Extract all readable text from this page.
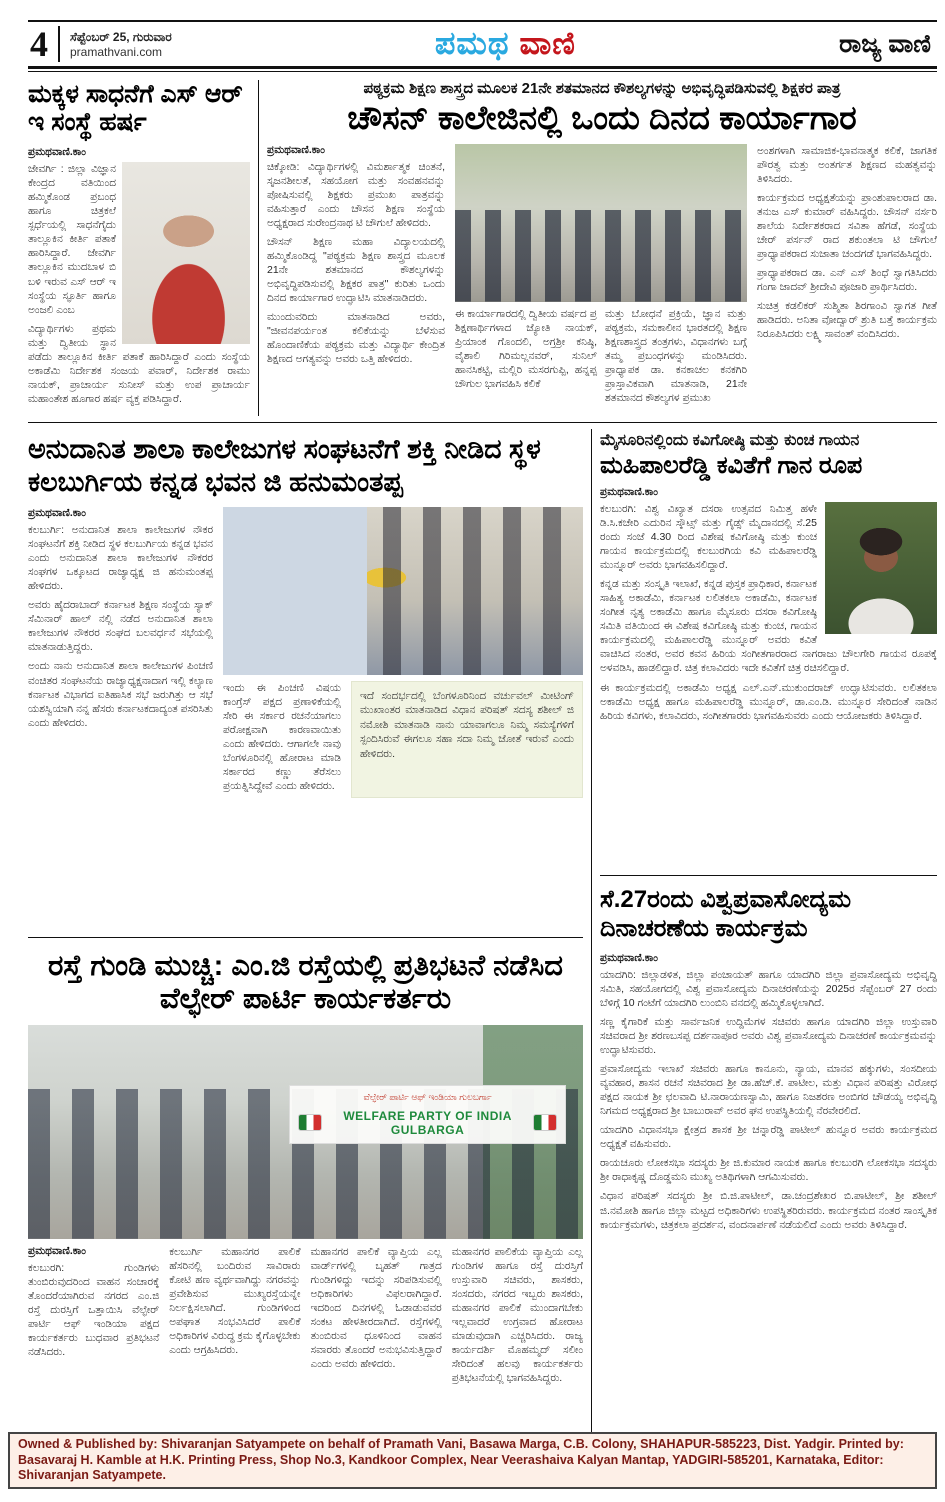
4	ಸೆಪ್ಟೆಂಬರ್ 25, ಗುರುವಾರ
pramathvani.com	ಪಮಥ ವಾಣಿ	ರಾಜ್ಯ ವಾಣಿ
ಮಕ್ಕಳ ಸಾಧನೆಗೆ ಎಸ್ ಆರ್ ಇ ಸಂಸ್ಥೆ ಹರ್ಷ
ಪ್ರಮಥವಾಣಿ.ಕಾಂ

ಜೇವರ್ಗಿ : ಜಿಲ್ಲಾ ವಿಜ್ಞಾನ ಕೇಂದ್ರದ ವತಿಯಿಂದ ಹಮ್ಮಿಕೊಂಡ ಪ್ರಬಂಧ ಹಾಗೂ ಚಿತ್ರಕಲೆ ಸ್ಪರ್ಧೆಯಲ್ಲಿ ಸಾಧನೆಗೈದು ತಾಲ್ಲೂಕಿನ ಕೀರ್ತಿ ಪತಾಕೆ ಹಾರಿಸಿದ್ದಾರೆ. ಜೇವರ್ಗಿ ತಾಲ್ಲೂಕಿನ ಮುದಬಾಳ ಬಿ ಬಳಿ ಇರುವ ಎಸ್ ಆರ್ ಇ ಸಂಸ್ಥೆಯ ಸ್ಫೂರ್ತಿ ಹಾಗೂ ಅಂಜಲಿ ಎಂಬ

ವಿದ್ಯಾರ್ಥಿಗಳು ಪ್ರಥಮ ಮತ್ತು ದ್ವಿತೀಯ ಸ್ಥಾನ ಪಡೆದು ತಾಲ್ಲೂಕಿನ ಕೀರ್ತಿ ಪತಾಕೆ ಹಾರಿಸಿದ್ದಾರೆ ಎಂದು ಸಂಸ್ಥೆಯ ಅಕಾಡೆಮಿ ನಿರ್ದೇಶಕ ಸಂಜಯ ಪವಾರ್, ನಿರ್ದೇಶಕ ರಾಮು ನಾಯಕ್, ಪ್ರಾಚಾರ್ಯ ಸುನೀಸ್ ಮತ್ತು ಉಪ ಪ್ರಾಚಾರ್ಯ ಮಹಾಂತೇಶ ಹೂಗಾರ ಹರ್ಷ ವ್ಯಕ್ತ ಪಡಿಸಿದ್ದಾರೆ.

ಪಠ್ಯಕ್ರಮ ಶಿಕ್ಷಣ ಶಾಸ್ತ್ರದ ಮೂಲಕ 21ನೇ ಶತಮಾನದ ಕೌಶಲ್ಯಗಳನ್ನು ಅಭಿವೃದ್ಧಿಪಡಿಸುವಲ್ಲಿ ಶಿಕ್ಷಕರ ಪಾತ್ರ
ಚೌಸನ್ ಕಾಲೇಜಿನಲ್ಲಿ ಒಂದು ದಿನದ ಕಾರ್ಯಾಗಾರ
ಪ್ರಮಥವಾಣಿ.ಕಾಂ

ಚಿಕ್ಕೋಡಿ: ವಿದ್ಯಾರ್ಥಿಗಳಲ್ಲಿ ವಿಮರ್ಶಾತ್ಮಕ ಚಿಂತನೆ, ಸೃಜನಶೀಲತೆ, ಸಹಯೋಗ ಮತ್ತು ಸಂವಹನವನ್ನು ಪೋಷಿಸುವಲ್ಲಿ ಶಿಕ್ಷಕರು ಪ್ರಮುಖ ಪಾತ್ರವನ್ನು ವಹಿಸುತ್ತಾರೆ ಎಂದು ಚೌಸನ ಶಿಕ್ಷಣ ಸಂಸ್ಥೆಯ ಅಧ್ಯಕ್ಷರಾದ ಸುರೇಂದ್ರನಾಥ ಟಿ ಚೌಗುಲೆ ಹೇಳಿದರು.

ಚೌಸನ್ ಶಿಕ್ಷಣ ಮಹಾ ವಿದ್ಯಾಲಯದಲ್ಲಿ ಹಮ್ಮಿಕೊಂಡಿದ್ದ "ಪಠ್ಯಕ್ರಮ ಶಿಕ್ಷಣ ಶಾಸ್ತ್ರದ ಮೂಲಕ 21ನೇ ಶತಮಾನದ ಕೌಶಲ್ಯಗಳನ್ನು ಅಭಿವೃದ್ಧಿಪಡಿಸುವಲ್ಲಿ ಶಿಕ್ಷಕರ ಪಾತ್ರ" ಕುರಿತು ಒಂದು ದಿನದ ಕಾರ್ಯಾಗಾರ ಉದ್ಘಾಟಿಸಿ ಮಾತನಾಡಿದರು.

ಮುಂದುವರಿದು ಮಾತನಾಡಿದ ಅವರು, "ಜೀವನಪರ್ಯಂತ ಕಲಿಕೆಯನ್ನು ಬೆಳೆಸುವ ಹೊಂದಾಣಿಕೆಯ ಪಠ್ಯಕ್ರಮ ಮತ್ತು ವಿದ್ಯಾರ್ಥಿ ಕೇಂದ್ರಿತ ಶಿಕ್ಷಣದ ಅಗತ್ಯವನ್ನು ಅವರು ಒತ್ತಿ ಹೇಳಿದರು.

ಈ ಕಾರ್ಯಾಗಾರದಲ್ಲಿ ದ್ವಿತೀಯ ವರ್ಷದ ಪ್ರ ಶಿಕ್ಷಣಾರ್ಥಿಗಳಾದ ಜ್ಯೋತಿ ನಾಯಕ್, ಪ್ರಿಯಾಂಕ ಗೊಂದಲಿ, ಅಗ್ರಶ್ರೀ ಕನಿಷ್ಠಿ, ವೈಶಾಲಿ ಗಿರಿಮಲ್ಲನವರ್, ಸುನಿಲ್ ಹಾನಸಿಕಟ್ಟಿ, ಮಲ್ಲಿರಿ ಮಸರಗುಪ್ಪಿ, ಹನ್ನಪ್ಪ ಚೌಗುಲ ಭಾಗವಹಿಸಿ ಕಲಿಕೆ

ಮತ್ತು ಬೋಧನೆ ಪ್ರಕ್ರಿಯೆ, ಜ್ಞಾನ ಮತ್ತು ಪಠ್ಯಕ್ರಮ, ಸಮಕಾಲೀನ ಭಾರತದಲ್ಲಿ ಶಿಕ್ಷಣ ಶಿಕ್ಷಣಶಾಸ್ತ್ರದ ತಂತ್ರಗಳು, ವಿಧಾನಗಳು ಬಗ್ಗೆ ತಮ್ಮ ಪ್ರಬಂಧಗಳನ್ನು ಮಂಡಿಸಿದರು. ಪ್ರಾಧ್ಯಾಪಕ ಡಾ. ಕನಕಾಚಲ ಕನಕಗಿರಿ ಪ್ರಾಸ್ತಾವಿಕವಾಗಿ ಮಾತನಾಡಿ, 21ನೇ ಶತಮಾನದ ಕೌಶಲ್ಯಗಳ ಪ್ರಮುಖ

ಅಂಶಗಳಾಗಿ ಸಾಮಾಜಿಕ-ಭಾವನಾತ್ಮಕ ಕಲಿಕೆ, ಜಾಗತಿಕ ಪೌರತ್ವ ಮತ್ತು ಅಂತರ್ಗತ ಶಿಕ್ಷಣದ ಮಹತ್ವವನ್ನು ತಿಳಿಸಿದರು.

ಕಾರ್ಯಕ್ರಮದ ಅಧ್ಯಕ್ಷತೆಯನ್ನು ಪ್ರಾಂಶುಪಾಲರಾದ ಡಾ. ತನುಜ ಎಸ್ ಕುಮಾರ್ ವಹಿಸಿದ್ದರು. ಚೌಸನ್ ನರ್ಸರಿ ಶಾಲೆಯ ನಿರ್ದೇಶಕರಾದ ಸವಿತಾ ಹೆಗಡೆ, ಸಂಸ್ಥೆಯ ಚೇರ್ ಪರ್ಸನ್ ರಾದ ಶಕುಂತಲಾ ಟಿ ಚೌಗುಲೆ ಪ್ರಾಧ್ಯಾಪಕರಾದ ಸುಜಾತಾ ಚಂದಗಡೆ ಭಾಗವಹಿಸಿದ್ದರು.

ಪ್ರಾಧ್ಯಾಪಕರಾದ ಡಾ. ಎನ್ ಎಸ್ ಶಿಂಧೆ ಸ್ವಾಗತಿಸಿದರು ಗಂಗಾ ಜಾದವ್ ಶ್ರೀದೇವಿ ಪೂಜಾರಿ ಪ್ರಾರ್ಥಿಸಿದರು.

ಸುಚಿತ್ರ ಕಡಲಿಕರ್ ಸುಶ್ಮಿತಾ ಶಿರಗಾಂವಿ ಸ್ವಾಗತ ಗೀತೆ ಹಾಡಿದರು. ಅನಿತಾ ವೋದ್ವಾರ್ ಶ್ರುತಿ ಬತ್ತೆ ಕಾರ್ಯಕ್ರಮ ನಿರೂಪಿಸಿದರು ಲಕ್ಷ್ಮಿ ಸಾವಂತ್ ವಂದಿಸಿದರು.

ಅನುದಾನಿತ ಶಾಲಾ ಕಾಲೇಜುಗಳ ಸಂಘಟನೆಗೆ ಶಕ್ತಿ ನೀಡಿದ ಸ್ಥಳ ಕಲಬುರ್ಗಿಯ ಕನ್ನಡ ಭವನ ಜಿ ಹನುಮಂತಪ್ಪ
ಪ್ರಮಥವಾಣಿ.ಕಾಂ

ಕಲಬುರ್ಗಿ: ಅನುದಾನಿತ ಶಾಲಾ ಕಾಲೇಜುಗಳ ನೌಕರ ಸಂಘಟನೆಗೆ ಶಕ್ತಿ ನೀಡಿದ ಸ್ಥಳ ಕಲಬುರ್ಗಿಯ ಕನ್ನಡ ಭವನ ಎಂದು ಅನುದಾನಿತ ಶಾಲಾ ಕಾಲೇಜುಗಳ ನೌಕರರ ಸಂಘಗಳ ಒಕ್ಕೂಟದ ರಾಜ್ಯಾಧ್ಯಕ್ಷ ಜಿ ಹನುಮಂತಪ್ಪ ಹೇಳಿದರು.

ಅವರು ಹೈದರಾಬಾದ್ ಕರ್ನಾಟಕ ಶಿಕ್ಷಣ ಸಂಸ್ಥೆಯ ಸ್ಯಾಕ್ ಸೆಮಿನಾರ್ ಹಾಲ್ ನಲ್ಲಿ ನಡೆದ ಅನುದಾನಿತ ಶಾಲಾ ಕಾಲೇಜುಗಳ ನೌಕರರ ಸಂಘದ ಬಲವರ್ಧನೆ ಸಭೆಯಲ್ಲಿ ಮಾತನಾಡುತ್ತಿದ್ದರು.

ಅಂದು ನಾನು ಅನುದಾನಿತ ಶಾಲಾ ಕಾಲೇಜುಗಳ ಪಿಂಚಣಿ ವಂಚಿತರ ಸಂಘಟನೆಯ ರಾಜ್ಯಾಧ್ಯಕ್ಷನಾದಾಗ ಇಲ್ಲಿ ಕಲ್ಯಾಣ ಕರ್ನಾಟಕ ವಿಭಾಗದ ಐತಿಹಾಸಿಕ ಸಭೆ ಜರುಗಿತ್ತು ಆ ಸಭೆ ಯಶಸ್ವಿಯಾಗಿ ನನ್ನ ಹೆಸರು ಕರ್ನಾಟಕದಾದ್ಯಂತ ಪಸರಿಸಿತು ಎಂದು ಹೇಳಿದರು.

ಇಂದು ಈ ಪಿಂಚಣಿ ವಿಷಯ ಕಾಂಗ್ರೆಸ್ ಪಕ್ಷದ ಪ್ರಣಾಳಿಕೆಯಲ್ಲಿ ಸೇರಿ ಈ ಸರ್ಕಾರ ರಚನೆಯಾಗಲು ಪರೋಕ್ಷವಾಗಿ ಕಾರಣವಾಯಿತು ಎಂದು ಹೇಳಿದರು. ಆಗಾಗಲೇ ನಾವು ಬೆಂಗಳೂರಿನಲ್ಲಿ ಹೋರಾಟ ಮಾಡಿ ಸರ್ಕಾರದ ಕಣ್ಣು ತೆರೆಸಲು ಪ್ರಯತ್ನಿಸಿದ್ದೇವೆ ಎಂದು ಹೇಳಿದರು.

ಇದೆ ಸಂದರ್ಭದಲ್ಲಿ ಬೆಂಗಳೂರಿನಿಂದ ವರ್ಚುವಲ್ ಮೀಟಿಂಗ್ ಮುಖಾಂತರ ಮಾತನಾಡಿದ ವಿಧಾನ ಪರಿಷತ್ ಸದಸ್ಯ ಶಶೀಲ್ ಜಿ ನಮೋಶಿ ಮಾತನಾಡಿ ನಾನು ಯಾವಾಗಲೂ ನಿಮ್ಮ ಸಮಸ್ಯೆಗಳಿಗೆ ಸ್ಪಂದಿಸಿರುವೆ ಈಗಲೂ ಸಹಾ ಸದಾ ನಿಮ್ಮ ಜೋತೆ ಇರುವೆ ಎಂದು ಹೇಳಿದರು.

ರಸ್ತೆ ಗುಂಡಿ ಮುಚ್ಚಿ: ಎಂ.ಜಿ ರಸ್ತೆಯಲ್ಲಿ ಪ್ರತಿಭಟನೆ ನಡೆಸಿದ ವೆಲ್ಫೇರ್ ಪಾರ್ಟಿ ಕಾರ್ಯಕರ್ತರು
ವೆಲ್ಫೇರ್ ಪಾರ್ಟಿ ಆಫ್ ಇಂಡಿಯಾ ಗುಲಬರ್ಗಾ
WELFARE PARTY OF INDIA GULBARGA
ಪ್ರಮಥವಾಣಿ.ಕಾಂ

ಕಲಬುರಗಿ: ಗುಂಡಿಗಳು ತುಂಬಿರುವುದರಿಂದ ವಾಹನ ಸಂಚಾರಕ್ಕೆ ತೊಂದರೆಯಾಗಿರುವ ನಗರದ ಎಂ.ಜಿ ರಸ್ತೆ ದುರಸ್ತಿಗೆ ಒತ್ತಾಯಿಸಿ ವೆಲ್ಫೇರ್ ಪಾರ್ಟಿ ಆಫ್ ಇಂಡಿಯಾ ಪಕ್ಷದ ಕಾರ್ಯಕರ್ತರು ಬುಧವಾರ ಪ್ರತಿಭಟನೆ ನಡೆಸಿದರು.

ಕಲಬುರ್ಗಿ ಮಹಾನಗರ ಪಾಲಿಕೆ ಹೆಸರಿನಲ್ಲಿ ಬಂದಿರುವ ಸಾವಿರಾರು ಕೋಟಿ ಹಣ ವ್ಯರ್ಥವಾಗಿದ್ದು ನಗರವನ್ನು ಪ್ರವೇಶಿಸುವ ಮುಖ್ಯರಸ್ತೆಯನ್ನೇ ನಿರ್ಲಕ್ಷಿಸಲಾಗಿದೆ. ಗುಂಡಿಗಳಿಂದ ಅಪಘಾತ ಸಂಭವಿಸಿದರೆ ಪಾಲಿಕೆ ಅಧಿಕಾರಿಗಳ ವಿರುದ್ಧ ಕ್ರಮ ಕೈಗೊಳ್ಳಬೇಕು ಎಂದು ಆಗ್ರಹಿಸಿದರು.

ಮಹಾನಗರ ಪಾಲಿಕೆ ವ್ಯಾಪ್ತಿಯ ಎಲ್ಲ ವಾರ್ಡ್‌ಗಳಲ್ಲಿ ಬೃಹತ್ ಗಾತ್ರದ ಗುಂಡಿಗಳಿದ್ದು ಇದನ್ನು ಸರಿಪಡಿಸುವಲ್ಲಿ ಅಧಿಕಾರಿಗಳು ವಿಫಲರಾಗಿದ್ದಾರೆ. ಇದರಿಂದ ದಿನಗಳಲ್ಲಿ ಓಡಾಡುವವರ ಸಂಕಟ ಹೇಳತೀರದಾಗಿದೆ. ರಸ್ತೆಗಳಲ್ಲಿ ತುಂಬಿರುವ ಧೂಳಿನಿಂದ ವಾಹನ ಸವಾರರು ತೊಂದರೆ ಅನುಭವಿಸುತ್ತಿದ್ದಾರೆ ಎಂದು ಅವರು ಹೇಳಿದರು.

ಮಹಾನಗರ ಪಾಲಿಕೆಯ ವ್ಯಾಪ್ತಿಯ ಎಲ್ಲ ಗುಂಡಿಗಳ ಹಾಗೂ ರಸ್ತೆ ದುರಸ್ತಿಗೆ ಉಸ್ತುವಾರಿ ಸಚಿವರು, ಶಾಸಕರು, ಸಂಸದರು, ನಗರದ ಇಬ್ಬರು ಶಾಸಕರು, ಮಹಾನಗರ ಪಾಲಿಕೆ ಮುಂದಾಗಬೇಕು ಇಲ್ಲವಾದರೆ ಉಗ್ರವಾದ ಹೋರಾಟ ಮಾಡುವುದಾಗಿ ಎಚ್ಚರಿಸಿದರು. ರಾಜ್ಯ ಕಾರ್ಯದರ್ಶಿ ಮೊಹಮ್ಮದ್ ಸಲೀಂ ಸೇರಿದಂತೆ ಹಲವು ಕಾರ್ಯಕರ್ತರು ಪ್ರತಿಭಟನೆಯಲ್ಲಿ ಭಾಗವಹಿಸಿದ್ದರು.

ಮೈಸೂರಿನಲ್ಲಿಂದು ಕವಿಗೋಷ್ಠಿ ಮತ್ತು ಕುಂಚ ಗಾಯನ
ಮಹಿಪಾಲರೆಡ್ಡಿ ಕವಿತೆಗೆ ಗಾನ ರೂಪ
ಪ್ರಮಥವಾಣಿ.ಕಾಂ

ಕಲಬುರಗಿ: ವಿಶ್ವ ವಿಖ್ಯಾತ ದಸರಾ ಉತ್ಸವದ ನಿಮಿತ್ತ ಹಳೇ ಡಿ.ಸಿ.ಕಚೇರಿ ಎದುರಿನ ಸ್ಕೌಟ್ಸ್ ಮತ್ತು ಗೈಡ್ಸ್ ಮೈದಾನದಲ್ಲಿ ಸೆ.25 ರಂದು ಸಂಜೆ 4.30 ರಿಂದ ವಿಶೇಷ ಕವಿಗೋಷ್ಠಿ ಮತ್ತು ಕುಂಚ ಗಾಯನ ಕಾರ್ಯಕ್ರಮದಲ್ಲಿ ಕಲಬುರಗಿಯ ಕವಿ ಮಹಿಪಾಲರೆಡ್ಡಿ ಮುನ್ನೂರ್ ಅವರು ಭಾಗವಹಿಸಲಿದ್ದಾರೆ.

ಕನ್ನಡ ಮತ್ತು ಸಂಸ್ಕೃತಿ ಇಲಾಖೆ, ಕನ್ನಡ ಪುಸ್ತಕ ಪ್ರಾಧಿಕಾರ, ಕರ್ನಾಟಕ ಸಾಹಿತ್ಯ ಅಕಾಡೆಮಿ, ಕರ್ನಾಟಕ ಲಲಿತಕಲಾ ಅಕಾಡೆಮಿ, ಕರ್ನಾಟಕ ಸಂಗೀತ ನೃತ್ಯ ಅಕಾಡೆಮಿ ಹಾಗೂ ಮೈಸೂರು ದಸರಾ ಕವಿಗೋಷ್ಠಿ ಸಮಿತಿ ವತಿಯಿಂದ ಈ ವಿಶೇಷ ಕವಿಗೋಷ್ಠಿ ಮತ್ತು ಕುಂಚ, ಗಾಯನ ಕಾರ್ಯಕ್ರಮದಲ್ಲಿ ಮಹಿಪಾಲರೆಡ್ಡಿ ಮುನ್ನೂರ್ ಅವರು ಕವಿತೆ ವಾಚಿಸಿದ ನಂತರ, ಅವರ ಕವನ ಹಿರಿಯ ಸಂಗೀತಗಾರರಾದ ನಾಗರಾಜು ಚೌಲಗೇರಿ ಗಾಯನ ರೂಪಕ್ಕೆ ಅಳವಡಿಸಿ, ಹಾಡಲಿದ್ದಾರೆ. ಚಿತ್ರ ಕಲಾವಿದರು ಇದೇ ಕವಿತೆಗೆ ಚಿತ್ರ ರಚಿಸಲಿದ್ದಾರೆ.

ಈ ಕಾರ್ಯಕ್ರಮದಲ್ಲಿ ಅಕಾಡೆಮಿ ಅಧ್ಯಕ್ಷ ಎಲ್.ಎನ್.ಮುಕುಂದರಾಜ್ ಉದ್ಘಾಟಿಸುವರು. ಲಲಿತಕಲಾ ಅಕಾಡೆಮಿ ಅಧ್ಯಕ್ಷ ಹಾಗೂ ಮಹಿಪಾಲರೆಡ್ಡಿ ಮುನ್ನೂರ್, ಡಾ.ಎಂ.ಡಿ. ಮುನ್ನೂರ ಸೇರಿದಂತೆ ನಾಡಿನ ಹಿರಿಯ ಕವಿಗಳು, ಕಲಾವಿದರು, ಸಂಗೀತಗಾರರು ಭಾಗವಹಿಸುವರು ಎಂದು ಆಯೋಜಕರು ತಿಳಿಸಿದ್ದಾರೆ.

ಸೆ.27ರಂದು ವಿಶ್ವಪ್ರವಾಸೋದ್ಯಮ ದಿನಾಚರಣೆಯ ಕಾರ್ಯಕ್ರಮ
ಪ್ರಮಥವಾಣಿ.ಕಾಂ

ಯಾದಗಿರಿ: ಜಿಲ್ಲಾಡಳಿತ, ಜಿಲ್ಲಾ ಪಂಚಾಯತ್ ಹಾಗೂ ಯಾದಗಿರಿ ಜಿಲ್ಲಾ ಪ್ರವಾಸೋದ್ಯಮ ಅಭಿವೃದ್ಧಿ ಸಮಿತಿ, ಸಹಯೋಗದಲ್ಲಿ ವಿಶ್ವ ಪ್ರವಾಸೋದ್ಯಮ ದಿನಾಚರಣೆಯನ್ನು 2025ರ ಸೆಪ್ಟೆಂಬರ್ 27 ರಂದು ಬೆಳಿಗ್ಗೆ 10 ಗಂಟೆಗೆ ಯಾದಗಿರಿ ಲುಂಬಿನಿ ವನದಲ್ಲಿ ಹಮ್ಮಿಕೊಳ್ಳಲಾಗಿದೆ.

ಸಣ್ಣ ಕೈಗಾರಿಕೆ ಮತ್ತು ಸಾರ್ವಜನಿಕ ಉದ್ದಿಮೆಗಳ ಸಚಿವರು ಹಾಗೂ ಯಾದಗಿರಿ ಜಿಲ್ಲಾ ಉಸ್ತುವಾರಿ ಸಚಿವರಾದ ಶ್ರೀ ಶರಣಬಸಪ್ಪ ದರ್ಶನಾಪೂರ ಅವರು ವಿಶ್ವ ಪ್ರವಾಸೋದ್ಯಮ ದಿನಾಚರಣೆ ಕಾರ್ಯಕ್ರಮವನ್ನು ಉದ್ಘಾಟಿಸುವರು.

ಪ್ರವಾಸೋದ್ಯಮ ಇಲಾಖೆ ಸಚಿವರು ಹಾಗೂ ಕಾನೂನು, ನ್ಯಾಯ, ಮಾನವ ಹಕ್ಕುಗಳು, ಸಂಸದೀಯ ವ್ಯವಹಾರ, ಶಾಸನ ರಚನೆ ಸಚಿವರಾದ ಶ್ರೀ ಡಾ.ಹೆಚ್.ಕೆ. ಪಾಟೀಲ, ಮತ್ತು ವಿಧಾನ ಪರಿಷತ್ತು ವಿರೋಧ ಪಕ್ಷದ ನಾಯಕ ಶ್ರೀ ಛಲವಾದಿ ಟಿ.ನಾರಾಯಣಸ್ವಾಮಿ, ಹಾಗೂ ನಿಜಶರಣ ಅಂಬಿಗರ ಚೌಡಯ್ಯ ಅಭಿವೃದ್ಧಿ ನಿಗಮದ ಅಧ್ಯಕ್ಷರಾದ ಶ್ರೀ ಬಾಬುರಾವ್ ಅವರ ಘನ ಉಪಸ್ಥಿತಿಯಲ್ಲಿ ನೆರವೇರಲಿದೆ.

ಯಾದಗಿರಿ ವಿಧಾನಸಭಾ ಕ್ಷೇತ್ರದ ಶಾಸಕ ಶ್ರೀ ಚನ್ನಾರೆಡ್ಡಿ ಪಾಟೀಲ್ ಹುನ್ನೂರ ಅವರು ಕಾರ್ಯಕ್ರಮದ ಅಧ್ಯಕ್ಷತೆ ವಹಿಸುವರು.

ರಾಯಚೂರು ಲೋಕಸಭಾ ಸದಸ್ಯರು ಶ್ರೀ ಜಿ.ಕುಮಾರ ನಾಯಕ ಹಾಗೂ ಕಲಬುರಗಿ ಲೋಕಸಭಾ ಸದಸ್ಯರು ಶ್ರೀ ರಾಧಾಕೃಷ್ಣ ದೊಡ್ಡಮನಿ ಮುಖ್ಯ ಅತಿಥಿಗಳಾಗಿ ಆಗಮಿಸುವರು.

ವಿಧಾನ ಪರಿಷತ್ ಸದಸ್ಯರು ಶ್ರೀ ಬಿ.ಜಿ.ಪಾಟೀಲ್, ಡಾ.ಚಂದ್ರಶೇಖರ ಬಿ.ಪಾಟೀಲ್, ಶ್ರೀ ಶಶೀಲ್ ಜಿ.ನಮೋಶಿ ಹಾಗೂ ಜಿಲ್ಲಾ ಮಟ್ಟದ ಅಧಿಕಾರಿಗಳು ಉಪಸ್ಥಿತರಿರುವರು. ಕಾರ್ಯಕ್ರಮದ ನಂತರ ಸಾಂಸ್ಕೃತಿಕ ಕಾರ್ಯಕ್ರಮಗಳು, ಚಿತ್ರಕಲಾ ಪ್ರದರ್ಶನ, ವಂದನಾರ್ಪಣೆ ನಡೆಯಲಿದೆ ಎಂದು ಅವರು ತಿಳಿಸಿದ್ದಾರೆ.

Owned & Published by: Shivaranjan Satyampete on behalf of Pramath Vani, Basawa Marga, C.B. Colony, SHAHAPUR-585223, Dist. Yadgir. Printed by: Basavaraj H. Kamble at H.K. Printing Press, Shop No.3, Kandkoor Complex, Near Veerashaiva Kalyan Mantap, YADGIRI-585201, Karnataka, Editor: Shivaranjan Satyampete.
